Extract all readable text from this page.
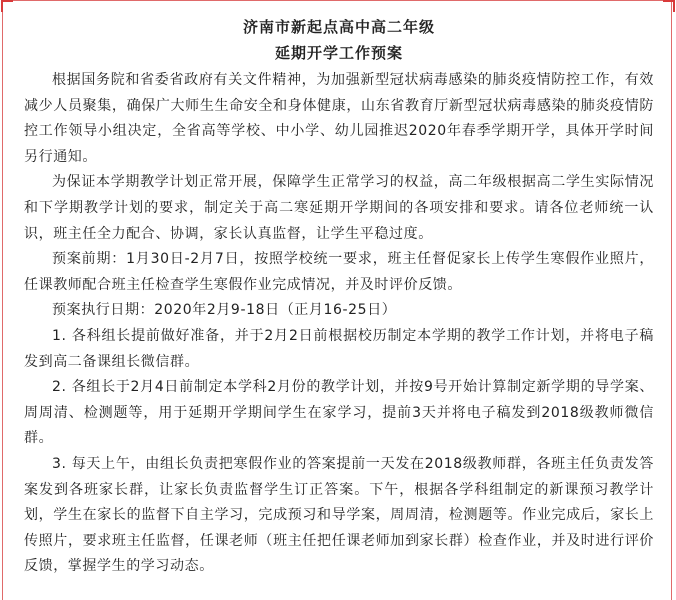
济南市新起点高中高二年级

延期开学工作预案

根据国务院和省委省政府有关文件精神，为加强新型冠状病毒感染的肺炎疫情防控工作，有效减少人员聚集，确保广大师生生命安全和身体健康，山东省教育厅新型冠状病毒感染的肺炎疫情防控工作领导小组决定，全省高等学校、中小学、幼儿园推迟2020年春季学期开学，具体开学时间另行通知。

为保证本学期教学计划正常开展，保障学生正常学习的权益，高二年级根据高二学生实际情况和下学期教学计划的要求，制定关于高二寒延期开学期间的各项安排和要求。请各位老师统一认识，班主任全力配合、协调，家长认真监督，让学生平稳过度。

预案前期：1月30日-2月7日，按照学校统一要求，班主任督促家长上传学生寒假作业照片，任课教师配合班主任检查学生寒假作业完成情况，并及时评价反馈。

预案执行日期：2020年2月9-18日（正月16-25日）

1. 各科组长提前做好准备，并于2月2日前根据校历制定本学期的教学工作计划，并将电子稿发到高二备课组长微信群。

2. 各组长于2月4日前制定本学科2月份的教学计划，并按9号开始计算制定新学期的导学案、周周清、检测题等，用于延期开学期间学生在家学习，提前3天并将电子稿发到2018级教师微信群。

3. 每天上午，由组长负责把寒假作业的答案提前一天发在2018级教师群，各班主任负责发答案发到各班家长群，让家长负责监督学生订正答案。下午，根据各学科组制定的新课预习教学计划，学生在家长的监督下自主学习，完成预习和导学案，周周清，检测题等。作业完成后，家长上传照片，要求班主任监督，任课老师（班主任把任课老师加到家长群）检查作业，并及时进行评价反馈，掌握学生的学习动态。
